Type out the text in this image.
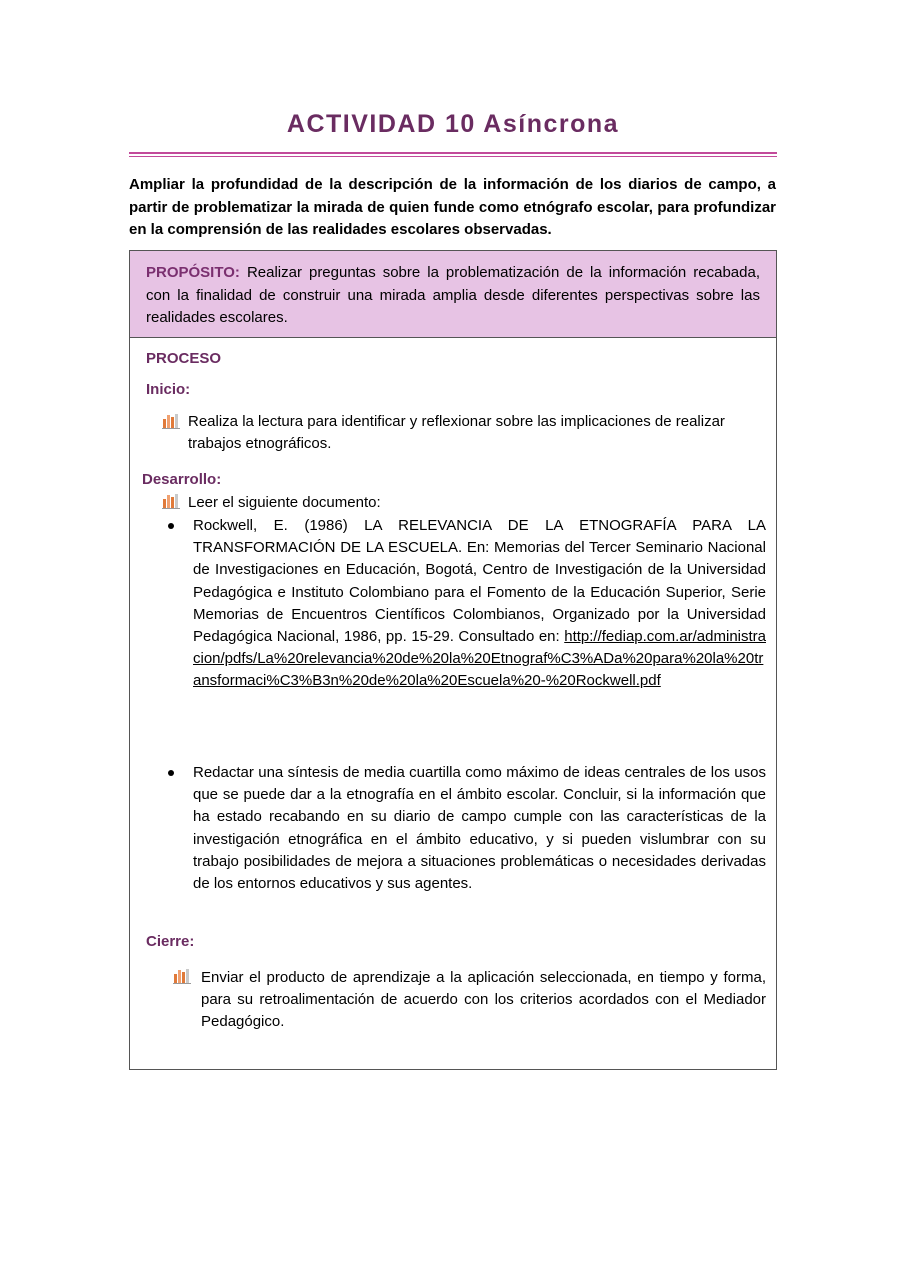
ACTIVIDAD 10 Asíncrona
Ampliar la profundidad de la descripción de la información de los diarios de campo, a partir de problematizar la mirada de quien funde como etnógrafo escolar, para profundizar en la comprensión de las realidades escolares observadas.
PROPÓSITO: Realizar preguntas sobre la problematización de la información recabada, con la finalidad de construir una mirada amplia desde diferentes perspectivas sobre las realidades escolares.
PROCESO
Inicio:
Realiza la lectura para identificar y reflexionar sobre las implicaciones de realizar trabajos etnográficos.
Desarrollo:
Leer el siguiente documento:
Rockwell, E. (1986) LA RELEVANCIA DE LA ETNOGRAFÍA PARA LA TRANSFORMACIÓN DE LA ESCUELA. En: Memorias del Tercer Seminario Nacional de Investigaciones en Educación, Bogotá, Centro de Investigación de la Universidad Pedagógica e Instituto Colombiano para el Fomento de la Educación Superior, Serie Memorias de Encuentros Científicos Colombianos, Organizado por la Universidad Pedagógica Nacional, 1986, pp. 15-29. Consultado en: http://fediap.com.ar/administracion/pdfs/La%20relevancia%20de%20la%20Etnograf%C3%ADa%20para%20la%20transformaci%C3%B3n%20de%20la%20Escuela%20-%20Rockwell.pdf
Redactar una síntesis de media cuartilla como máximo de ideas centrales de los usos que se puede dar a la etnografía en el ámbito escolar. Concluir, si la información que ha estado recabando en su diario de campo cumple con las características de la investigación etnográfica en el ámbito educativo, y si pueden vislumbrar con su trabajo posibilidades de mejora a situaciones problemáticas o necesidades derivadas de los entornos educativos y sus agentes.
Cierre:
Enviar el producto de aprendizaje a la aplicación seleccionada, en tiempo y forma, para su retroalimentación de acuerdo con los criterios acordados con el Mediador Pedagógico.
